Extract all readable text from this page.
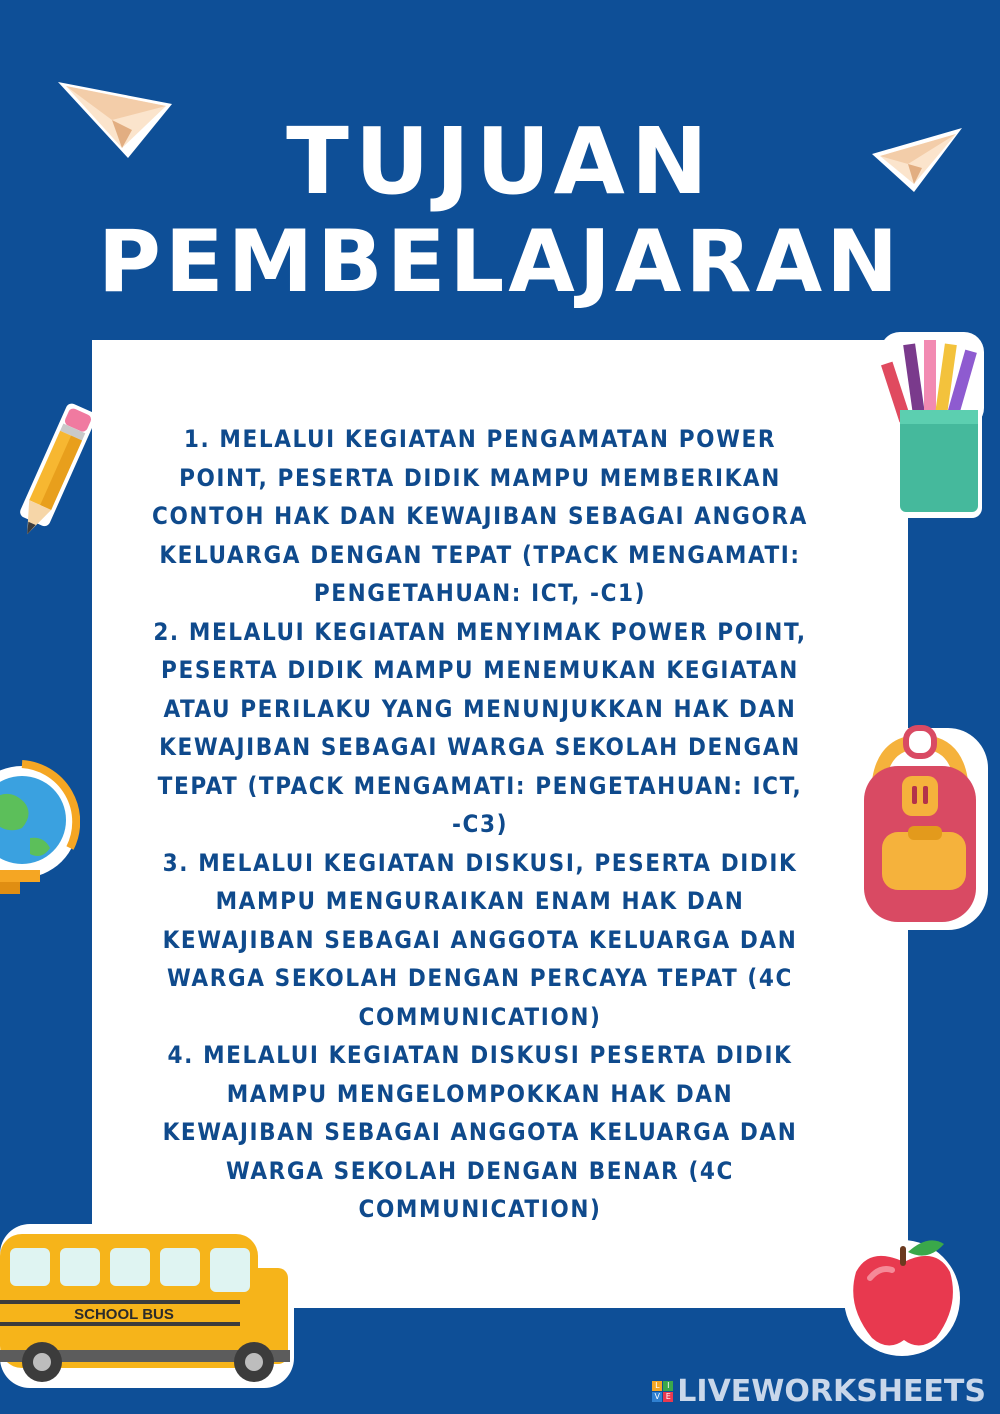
TUJUAN
PEMBELAJARAN

1. MELALUI KEGIATAN PENGAMATAN POWER POINT, PESERTA DIDIK MAMPU MEMBERIKAN CONTOH HAK DAN KEWAJIBAN SEBAGAI ANGORA KELUARGA DENGAN TEPAT (TPACK MENGAMATI: PENGETAHUAN: ICT, -C1)

2. MELALUI KEGIATAN MENYIMAK POWER POINT, PESERTA DIDIK MAMPU MENEMUKAN KEGIATAN ATAU PERILAKU YANG MENUNJUKKAN HAK DAN KEWAJIBAN SEBAGAI WARGA SEKOLAH DENGAN TEPAT (TPACK MENGAMATI: PENGETAHUAN: ICT, -C3)

3. MELALUI KEGIATAN DISKUSI, PESERTA DIDIK MAMPU MENGURAIKAN ENAM HAK DAN KEWAJIBAN SEBAGAI ANGGOTA KELUARGA DAN WARGA SEKOLAH DENGAN PERCAYA TEPAT (4C COMMUNICATION)

4. MELALUI KEGIATAN DISKUSI PESERTA DIDIK MAMPU MENGELOMPOKKAN HAK DAN KEWAJIBAN SEBAGAI ANGGOTA KELUARGA DAN WARGA SEKOLAH DENGAN BENAR (4C COMMUNICATION)

SCHOOL BUS
L I
V E LIVEWORKSHEETS
